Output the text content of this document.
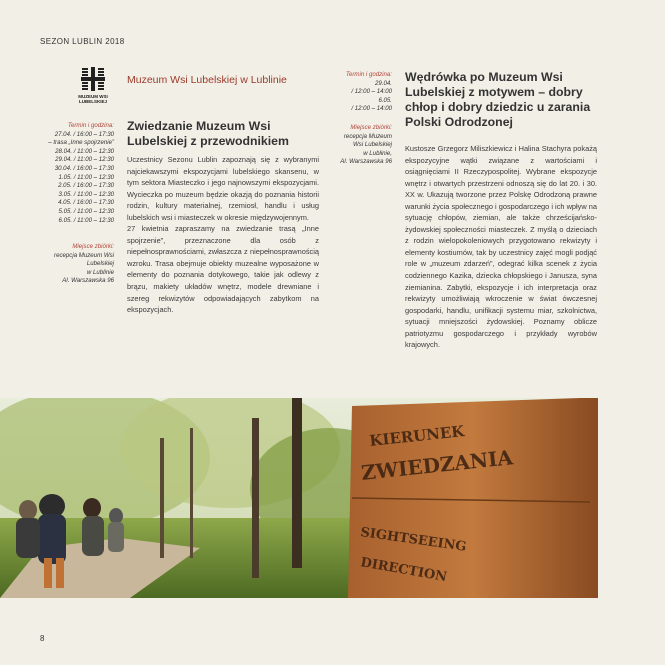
SEZON LUBLIN 2018
MUZEUM WSI
LUBELSKIEJ
Muzeum Wsi Lubelskiej w Lublinie
Termin i godzina:
27.04. / 16:00 – 17:30
– trasa „Inne spojrzenie”
28.04. / 11:00 – 12:30
29.04. / 11:00 – 12:30
30.04. / 16:00 – 17:30
1.05. / 11:00 – 12:30
2.05. / 16:00 – 17:30
3.05. / 11:00 – 12:30
4.05. / 16:00 – 17:30
5.05. / 11:00 – 12:30
6.05. / 11:00 – 12:30
Miejsce zbiórki:
recepcja Muzeum Wsi
Lubelskiej
w Lublinie
Al. Warszawska 96
Zwiedzanie Muzeum Wsi
Lubelskiej z przewodnikiem

Uczestnicy Sezonu Lublin zapoznają się z wybranymi najciekawszymi ekspozycjami lubelskiego skansenu, w tym sektora Miasteczko i jego najnowszymi ekspozycjami. Wycieczka po muzeum będzie okazją do poznania historii rodzin, kultury materialnej, rzemiosł, handlu i usług lubelskich wsi i miasteczek w okresie międzywojennym.

27 kwietnia zapraszamy na zwiedzanie trasą „Inne spojrzenie”, przeznaczone dla osób z niepełnosprawnościami, zwłaszcza z niepełnosprawnością wzroku. Trasa obejmuje obiekty muzealne wyposażone w elementy do poznania dotykowego, takie jak odlewy z brązu, makiety układów wnętrz, modele drewniane i szereg rekwizytów odpowiadających zabytkom na ekspozycjach.

Termin i godzina:
29.04.
/ 12:00 – 14:00
6.05.
/ 12:00 – 14:00
Miejsce zbiórki:
recepcja Muzeum
Wsi Lubelskiej
w Lublinie,
Al. Warszawska 96
Wędrówka po Muzeum Wsi
Lubelskiej z motywem – dobry
chłop i dobry dziedzic u zarania
Polski Odrodzonej

Kustosze Grzegorz Miliszkiewicz i Halina Stachyra pokażą ekspozycyjne wątki związane z wartościami i osiągnięciami II Rzeczypospolitej. Wybrane ekspozycje wnętrz i otwartych przestrzeni odnoszą się do lat 20. i 30. XX w. Ukazują tworzone przez Polskę Odrodzoną prawne warunki życia społecznego i gospodarczego i ich wpływ na sytuację chłopów, ziemian, ale także chrześcijańsko-żydowskiej społeczności miasteczek. Z myślą o dzieciach z rodzin wielopokoleniowych przygotowano rekwizyty i elementy kostiumów, tak by uczestnicy zajęć mogli podjąć role w „muzeum zdarzeń”, odegrać kilka scenek z życia codziennego Kazika, dziecka chłopskiego i Janusza, syna ziemianina. Zabytki, ekspozycje i ich interpretacja oraz rekwizyty umożliwiają wkroczenie w świat ówczesnej gospodarki, handlu, unifikacji systemu miar, szkolnictwa, sytuacji mniejszości żydowskiej. Poznamy oblicze patriotyzmu gospodarczego i przykłady wyrobów krajowych.

KIERUNEK
ZWIEDZANIA
SIGHTSEEING
DIRECTION
8
